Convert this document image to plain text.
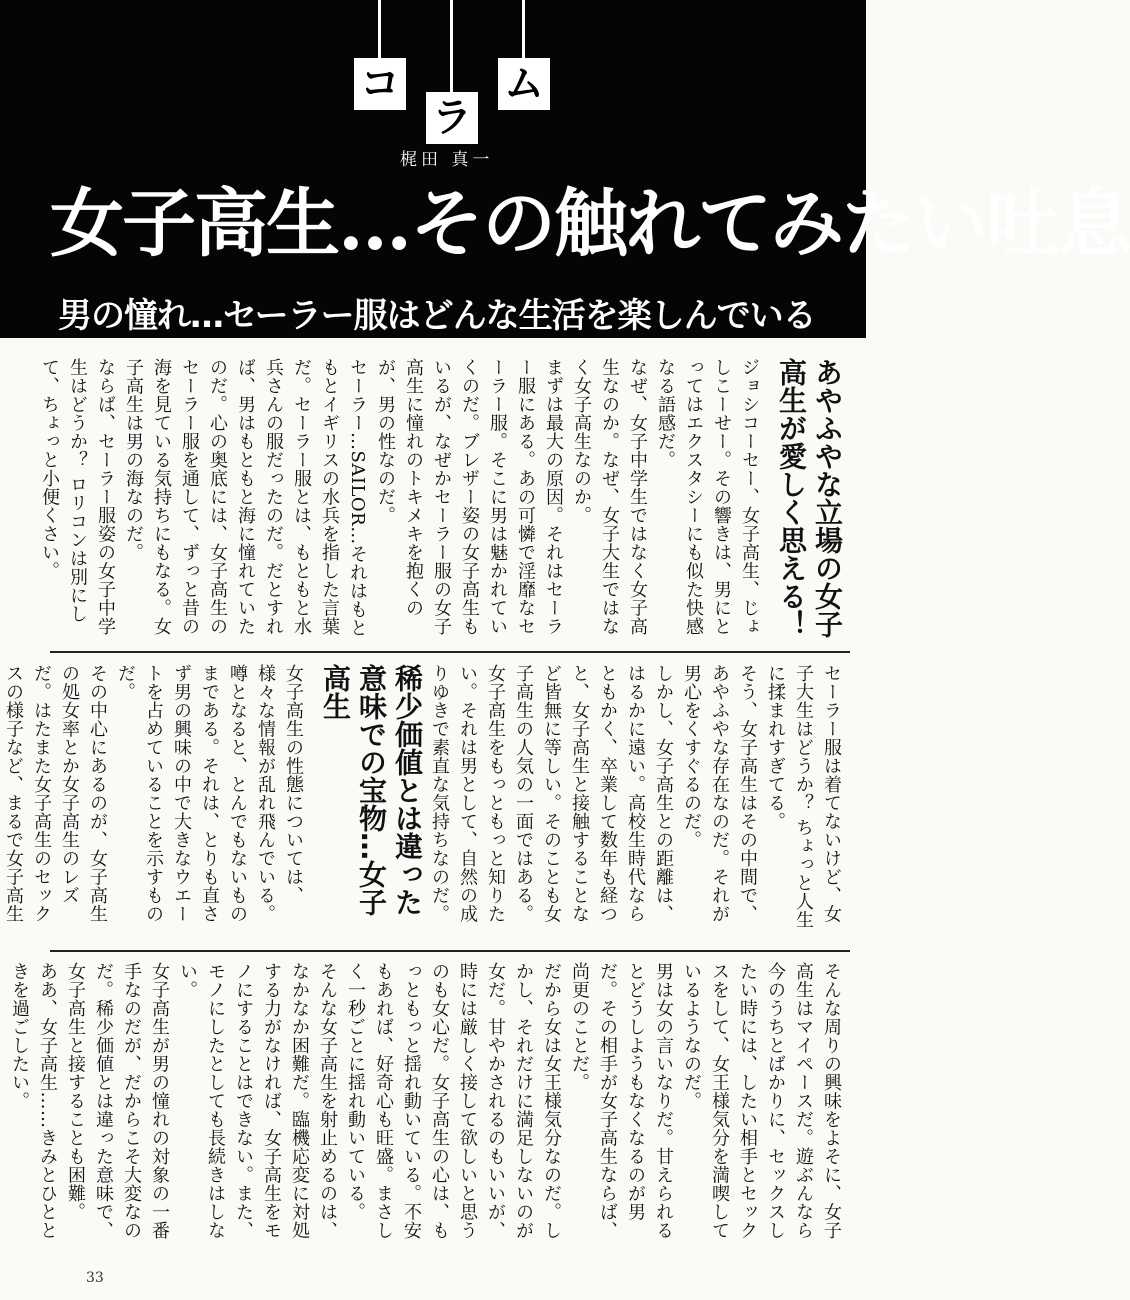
コ
ラ
ム
梶田 真一
女子高生…その触れてみたい吐息
男の憧れ…セーラー服はどんな生活を楽しんでいる
あやふやな立場の女子高生が愛しく思える！

ジョシコーセー、女子高生、じょしこーせー。その響きは、男にとってはエクスタシーにも似た快感なる語感だ。

なぜ、女子中学生ではなく女子高生なのか。なぜ、女子大生ではなく女子高生なのか。

まずは最大の原因。それはセーラー服にある。あの可憐で淫靡なセーラー服。そこに男は魅かれていくのだ。ブレザー姿の女子高生もいるが、なぜかセーラー服の女子高生に憧れのトキメキを抱くのが、男の性なのだ。

セーラー…SAILOR…それはもともとイギリスの水兵を指した言葉だ。セーラー服とは、もともと水兵さんの服だったのだ。だとすれば、男はもともと海に憧れていたのだ。心の奥底には、女子高生のセーラー服を通して、ずっと昔の海を見ている気持ちにもなる。女子高生は男の海なのだ。

ならば、セーラー服姿の女子中学生はどうか？ ロリコンは別にして、ちょっと小便くさい。

セーラー服は着てないけど、女子大生はどうか？ ちょっと人生に揉まれすぎてる。

そう、女子高生はその中間で、あやふやな存在なのだ。それが男心をくすぐるのだ。

しかし、女子高生との距離は、はるかに遠い。高校生時代ならともかく、卒業して数年も経つと、女子高生と接触することなど皆無に等しい。そのことも女子高生の人気の一面ではある。

女子高生をもっともっと知りたい。それは男として、自然の成りゆきで素直な気持ちなのだ。

稀少価値とは違った意味での宝物…女子高生

女子高生の性態については、様々な情報が乱れ飛んでいる。噂となると、とんでもないものまである。それは、とりも直さず男の興味の中で大きなウエートを占めていることを示すものだ。

その中心にあるのが、女子高生の処女率とか女子高生のレズだ。はたまた女子高生のセックスの様子など、まるで女子高生

そんな周りの興味をよそに、女子高生はマイペースだ。遊ぶんなら今のうちとばかりに、セックスしたい時には、したい相手とセックスをして、女王様気分を満喫しているようなのだ。

男は女の言いなりだ。甘えられるとどうしようもなくなるのが男だ。その相手が女子高生ならば、尚更のことだ。

だから女は女王様気分なのだ。しかし、それだけに満足しないのが女だ。甘やかされるのもいいが、時には厳しく接して欲しいと思うのも女心だ。女子高生の心は、もっともっと揺れ動いている。不安もあれば、好奇心も旺盛。まさしく一秒ごとに揺れ動いている。

そんな女子高生を射止めるのは、なかなか困難だ。臨機応変に対処する力がなければ、女子高生をモノにすることはできない。また、モノにしたとしても長続きはしない。

女子高生が男の憧れの対象の一番手なのだが、だからこそ大変なのだ。稀少価値とは違った意味で、女子高生と接することも困難。

ああ、女子高生……きみとひとときを過ごしたい。

33
